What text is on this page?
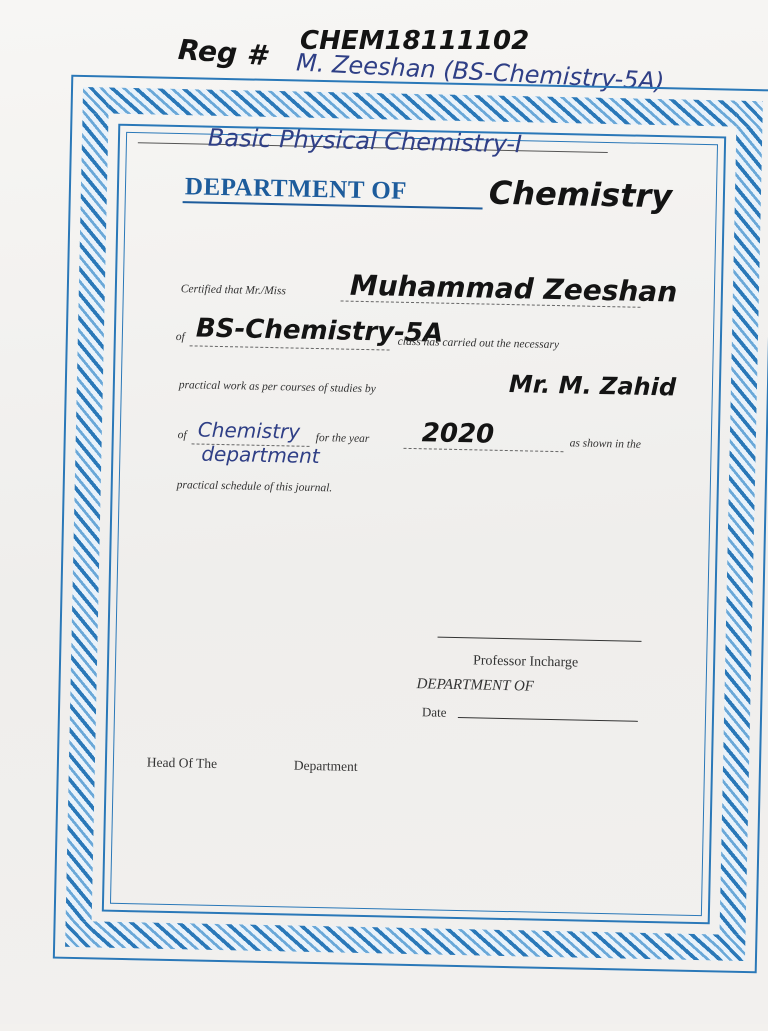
Reg # CHEM18111102
M. Zeeshan (BS-Chemistry-5A)
Basic Physical Chemistry-I
DEPARTMENT OF	Chemistry
Certified that Mr./Miss Muhammad Zeeshan
of BS-Chemistry-5A
class has carried out the necessary
practical work as per courses of studies by	Mr. M. Zahid
of Chemistry for the year 2020	as shown in the
department
practical schedule of this journal.
Professor Incharge
DEPARTMENT OF
Date
Head Of The	Department
